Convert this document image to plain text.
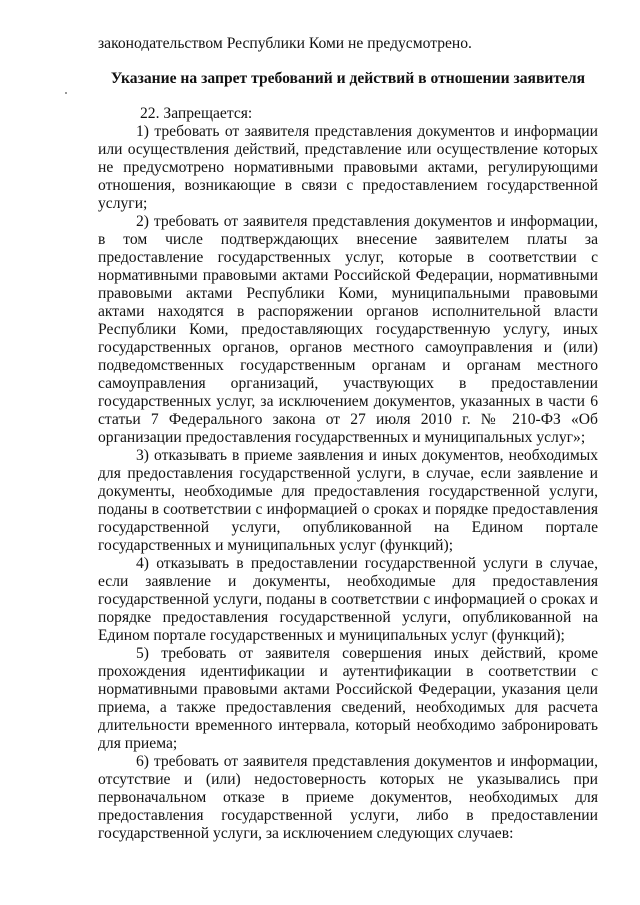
законодательством Республики Коми не предусмотрено.

Указание на запрет требований и действий в отношении заявителя

22. Запрещается:

1) требовать от заявителя представления документов и информации или осуществления действий, представление или осуществление которых не предусмотрено нормативными правовыми актами, регулирующими отношения, возникающие в связи с предоставлением государственной услуги;

2) требовать от заявителя представления документов и информации, в том числе подтверждающих внесение заявителем платы за предоставление государственных услуг, которые в соответствии с нормативными правовыми актами Российской Федерации, нормативными правовыми актами Республики Коми, муниципальными правовыми актами находятся в распоряжении органов исполнительной власти Республики Коми, предоставляющих государственную услугу, иных государственных органов, органов местного самоуправления и (или) подведомственных государственным органам и органам местного самоуправления организаций, участвующих в предоставлении государственных услуг, за исключением документов, указанных в части 6 статьи 7 Федерального закона от 27 июля 2010 г. № 210-ФЗ «Об организации предоставления государственных и муниципальных услуг»;

3) отказывать в приеме заявления и иных документов, необходимых для предоставления государственной услуги, в случае, если заявление и документы, необходимые для предоставления государственной услуги, поданы в соответствии с информацией о сроках и порядке предоставления государственной услуги, опубликованной на Едином портале государственных и муниципальных услуг (функций);

4) отказывать в предоставлении государственной услуги в случае, если заявление и документы, необходимые для предоставления государственной услуги, поданы в соответствии с информацией о сроках и порядке предоставления государственной услуги, опубликованной на Едином портале государственных и муниципальных услуг (функций);

5) требовать от заявителя совершения иных действий, кроме прохождения идентификации и аутентификации в соответствии с нормативными правовыми актами Российской Федерации, указания цели приема, а также предоставления сведений, необходимых для расчета длительности временного интервала, который необходимо забронировать для приема;

6) требовать от заявителя представления документов и информации, отсутствие и (или) недостоверность которых не указывались при первоначальном отказе в приеме документов, необходимых для предоставления государственной услуги, либо в предоставлении государственной услуги, за исключением следующих случаев:
